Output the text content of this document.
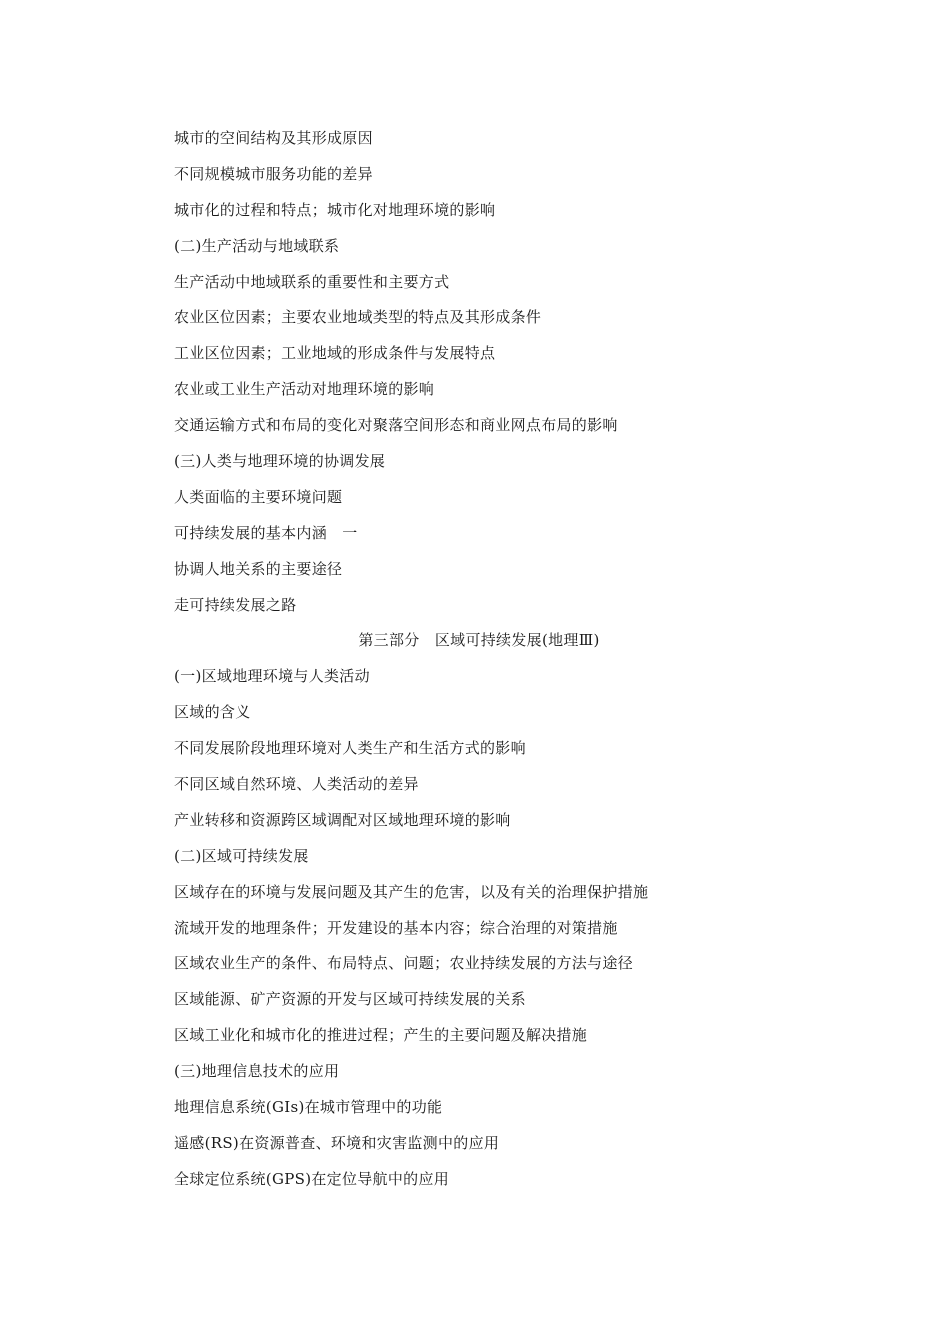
城市的空间结构及其形成原因
不同规模城市服务功能的差异
城市化的过程和特点；城市化对地理环境的影响
(二)生产活动与地域联系
生产活动中地域联系的重要性和主要方式
农业区位因素；主要农业地域类型的特点及其形成条件
工业区位因素；工业地域的形成条件与发展特点
农业或工业生产活动对地理环境的影响
交通运输方式和布局的变化对聚落空间形态和商业网点布局的影响
(三)人类与地理环境的协调发展
人类面临的主要环境问题
可持续发展的基本内涵　一
协调人地关系的主要途径
走可持续发展之路
第三部分　区域可持续发展(地理Ⅲ)
(一)区域地理环境与人类活动
区域的含义
不同发展阶段地理环境对人类生产和生活方式的影响
不同区域自然环境、人类活动的差异
产业转移和资源跨区域调配对区域地理环境的影响
(二)区域可持续发展
区域存在的环境与发展问题及其产生的危害，以及有关的治理保护措施
流域开发的地理条件；开发建设的基本内容；综合治理的对策措施
区域农业生产的条件、布局特点、问题；农业持续发展的方法与途径
区域能源、矿产资源的开发与区域可持续发展的关系
区域工业化和城市化的推进过程；产生的主要问题及解决措施
(三)地理信息技术的应用
地理信息系统(GIs)在城市管理中的功能
遥感(RS)在资源普查、环境和灾害监测中的应用
全球定位系统(GPS)在定位导航中的应用
